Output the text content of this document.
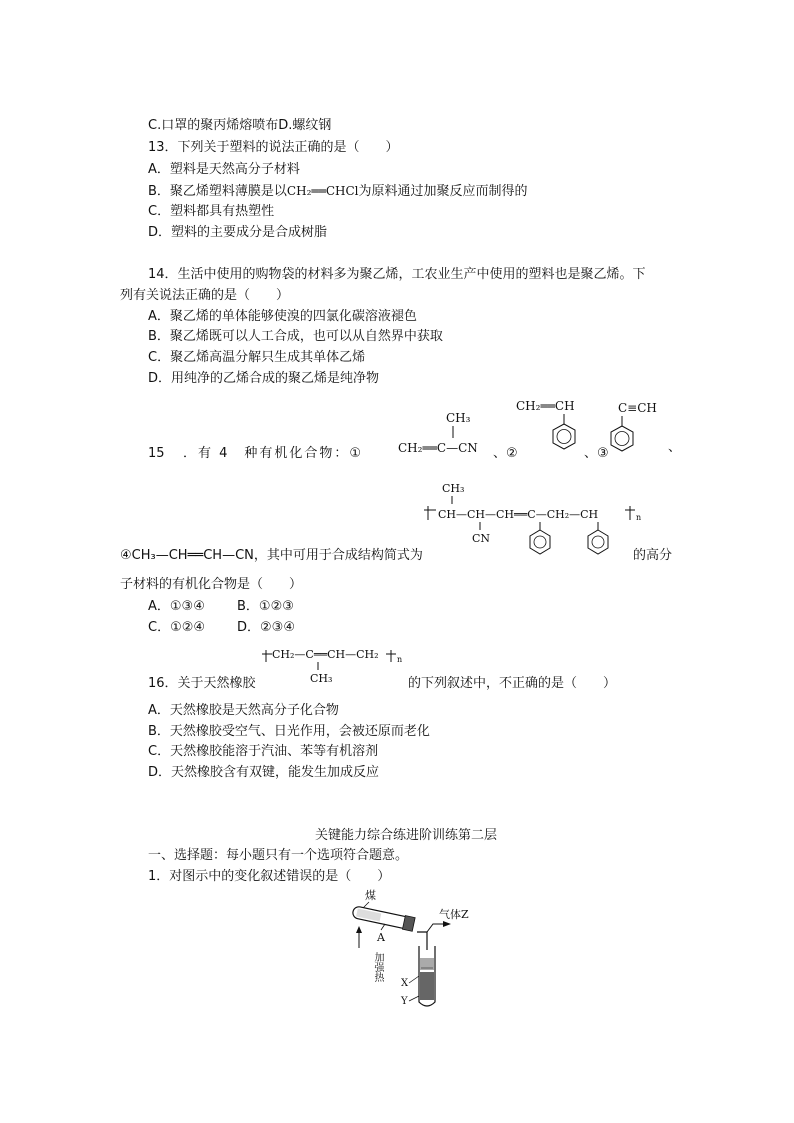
C.口罩的聚丙烯熔喷布D.螺纹钢
13．下列关于塑料的说法正确的是（　　）
A．塑料是天然高分子材料
B．聚乙烯塑料薄膜是以CH₂══CHCl为原料通过加聚反应而制得的
C．塑料都具有热塑性
D．塑料的主要成分是合成树脂
14．生活中使用的购物袋的材料多为聚乙烯，工农业生产中使用的塑料也是聚乙烯。下
列有关说法正确的是（　　）
A．聚乙烯的单体能够使溴的四氯化碳溶液褪色
B．聚乙烯既可以人工合成，也可以从自然界中获取
C．聚乙烯高温分解只生成其单体乙烯
D．用纯净的乙烯合成的聚乙烯是纯净物
15 ．有 4　种有机化合物：①
CH₃
CH₂══C—CN 、②
CH₂══CH
、③
C≡CH
、
CH₃
CH—CH—CH══C—CH₂—CH	n
CN
④CH₃—CH══CH—CN，其中可用于合成结构简式为	的高分
子材料的有机化合物是（　　）
A．①③④ B．①②③
C．①②④ D．②③④
CH₂—C══CH—CH₂ n
CH₃
16．关于天然橡胶	的下列叙述中，不正确的是（　　）
A．天然橡胶是天然高分子化合物
B．天然橡胶受空气、日光作用，会被还原而老化
C．天然橡胶能溶于汽油、苯等有机溶剂
D．天然橡胶含有双键，能发生加成反应
关键能力综合练进阶训练第二层
一、选择题：每小题只有一个选项符合题意。
1．对图示中的变化叙述错误的是（　　）
煤
A
加强热
气体Z
X
Y
